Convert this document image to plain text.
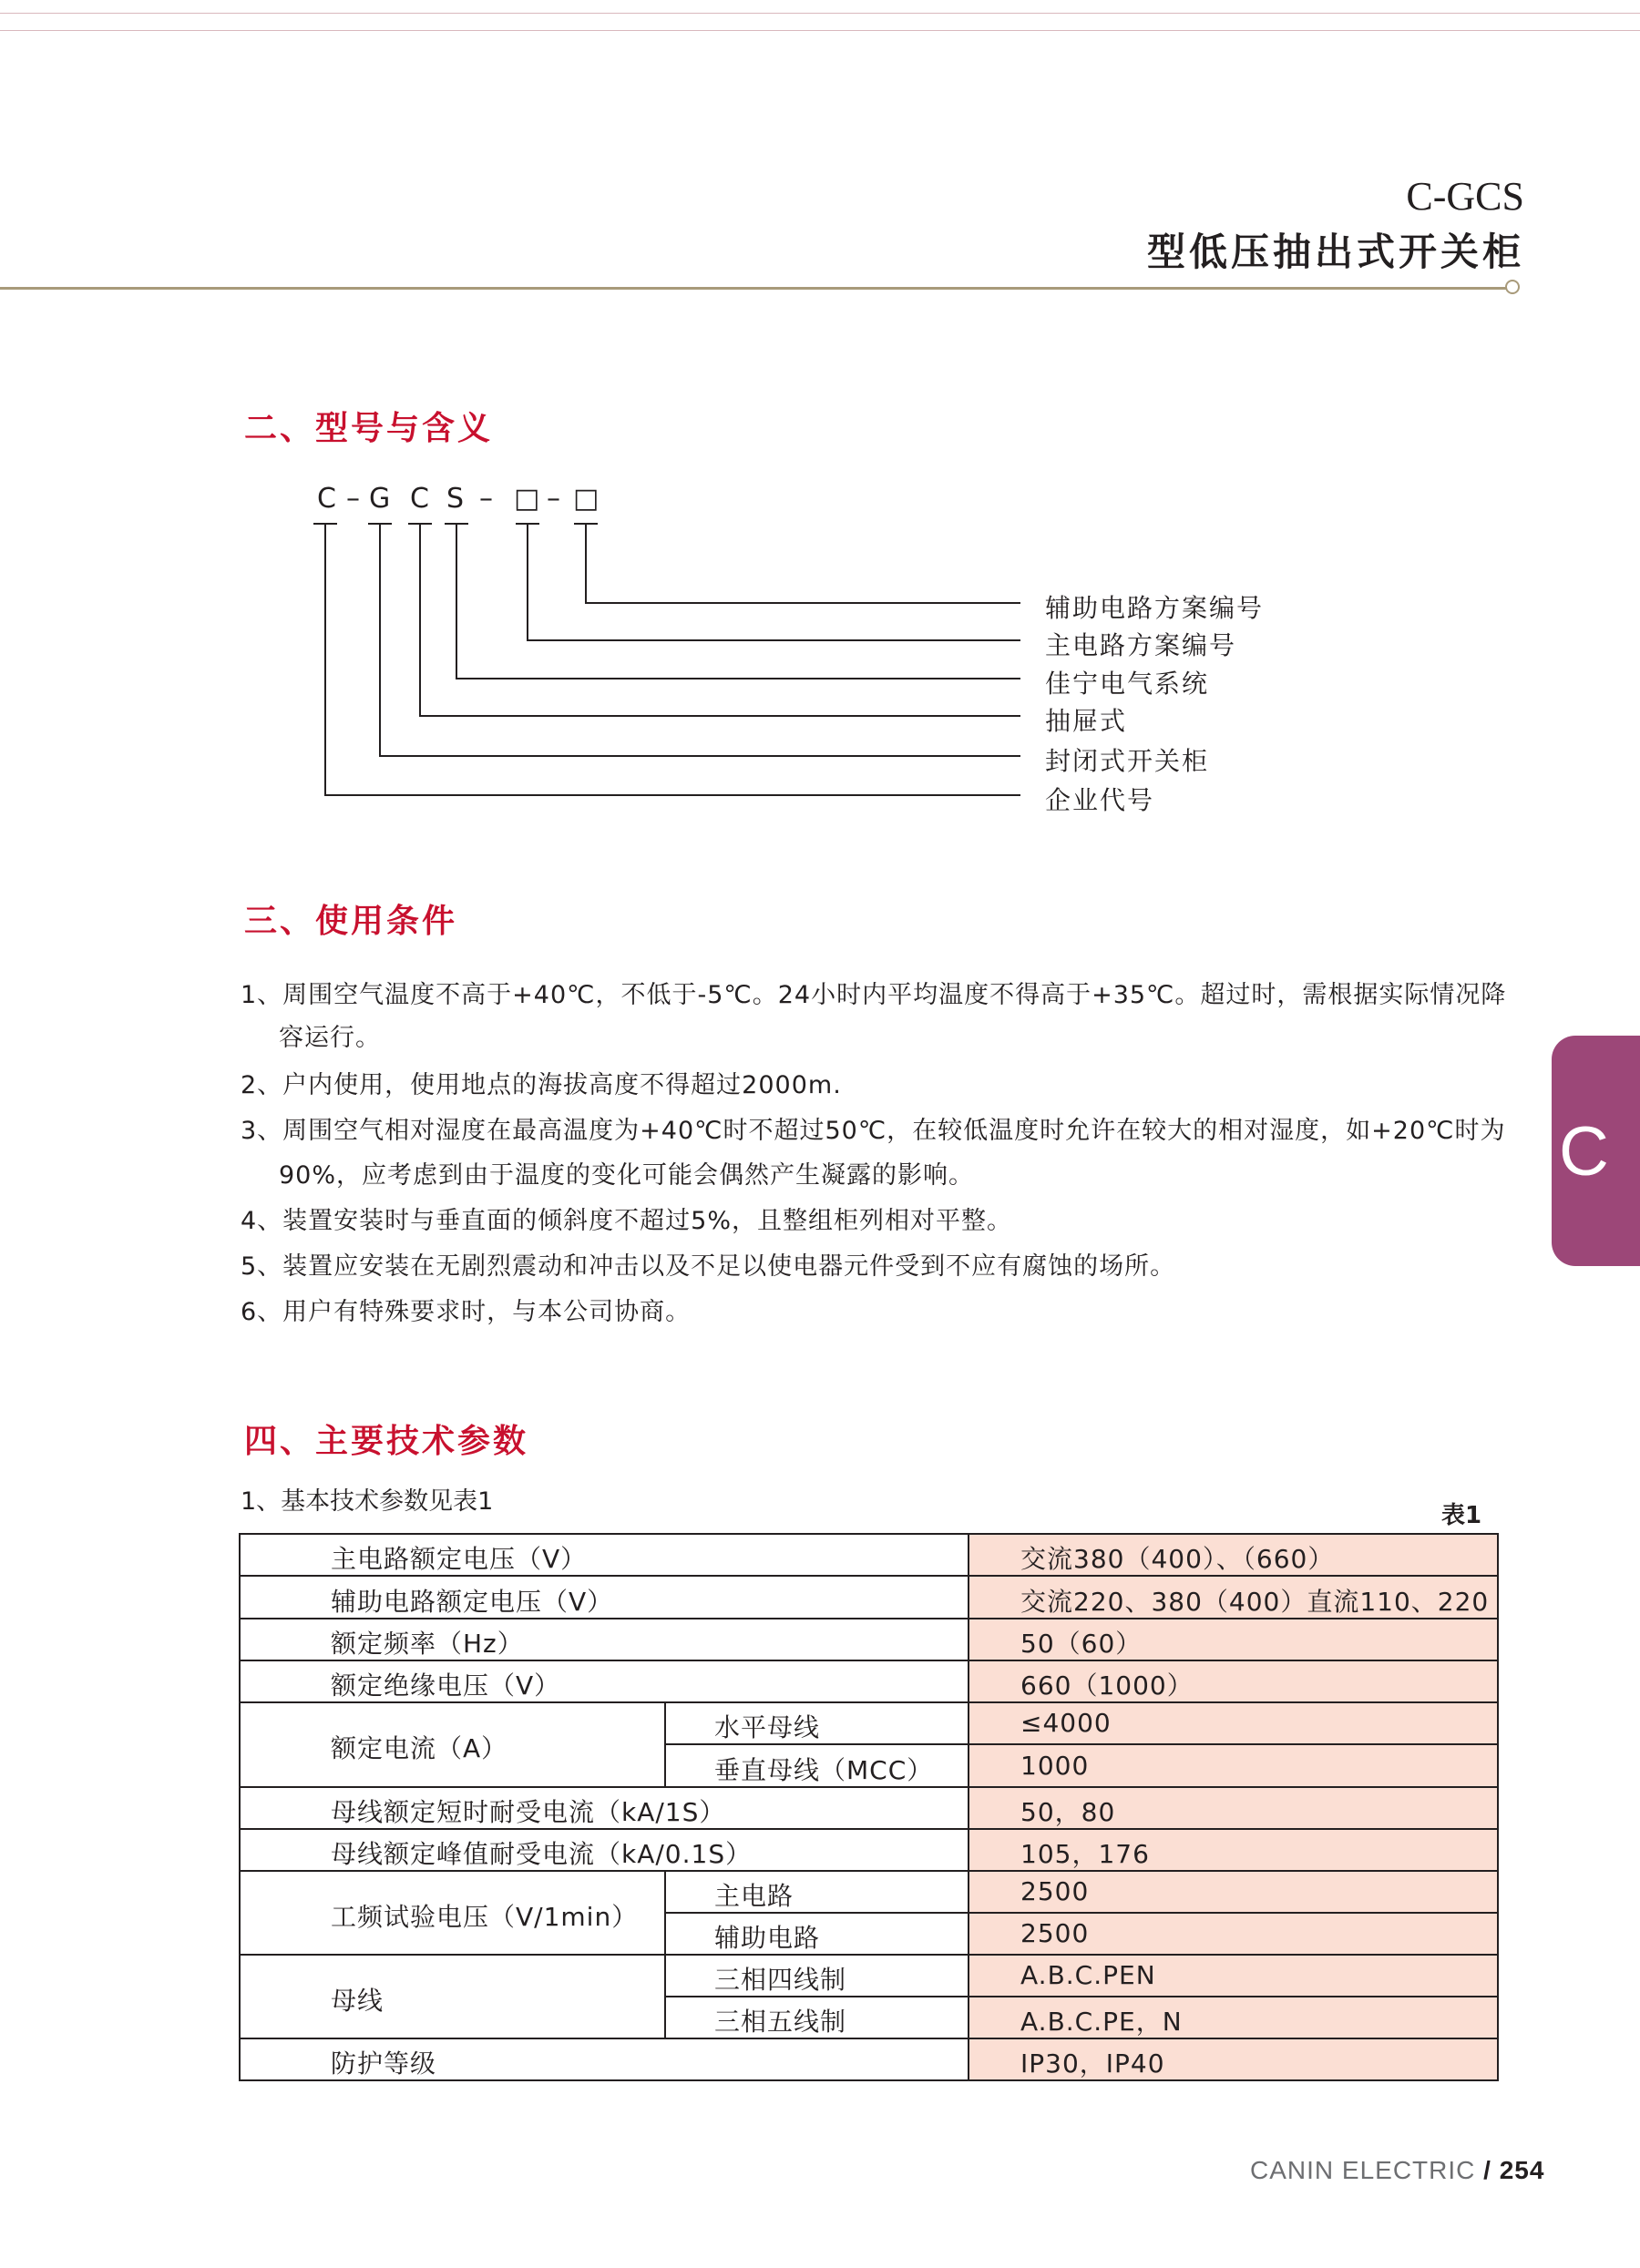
C-GCS
型低压抽出式开关柜
C
二、型号与含义
C – G C S – □ – □
辅助电路方案编号
主电路方案编号
佳宁电气系统
抽屉式
封闭式开关柜
企业代号
三、使用条件
1、周围空气温度不高于+40℃，不低于-5℃。24小时内平均温度不得高于+35℃。超过时，需根据实际情况降
容运行。
2、户内使用，使用地点的海拔高度不得超过2000m.
3、周围空气相对湿度在最高温度为+40℃时不超过50℃，在较低温度时允许在较大的相对湿度，如+20℃时为
90%，应考虑到由于温度的变化可能会偶然产生凝露的影响。
4、装置安装时与垂直面的倾斜度不超过5%，且整组柜列相对平整。
5、装置应安装在无剧烈震动和冲击以及不足以使电器元件受到不应有腐蚀的场所。
6、用户有特殊要求时，与本公司协商。
四、主要技术参数
1、基本技术参数见表1	表1
主电路额定电压（V）	交流380（400）、（660）
辅助电路额定电压（V）	交流220、380（400）直流110、220
额定频率（Hz）	50（60）
额定绝缘电压（V）	660（1000）
额定电流（A）
水平母线	≤4000
垂直母线（MCC）	1000
母线额定短时耐受电流（kA/1S）	50，80
母线额定峰值耐受电流（kA/0.1S）	105，176
工频试验电压（V/1min）
主电路	2500
辅助电路	2500
母线
三相四线制	A.B.C.PEN
三相五线制	A.B.C.PE，N
防护等级	IP30，IP40
CANIN ELECTRIC / 254
